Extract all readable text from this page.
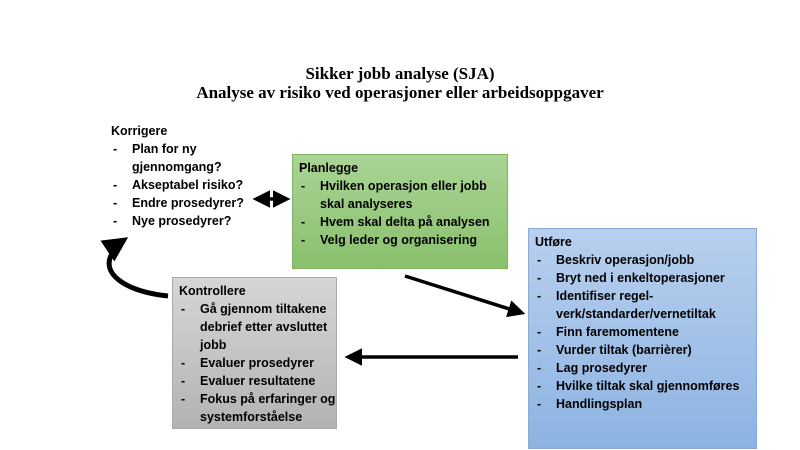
Sikker jobb analyse (SJA)
Analyse av risiko ved operasjoner eller arbeidsoppgaver
Korrigere
- Plan for ny gjennomgang?
- Akseptabel risiko?
- Endre prosedyrer?
- Nye prosedyrer?
Planlegge
- Hvilken operasjon eller jobb skal analyseres
- Hvem skal delta på analysen
- Velg leder og organisering	Utføre
- Beskriv operasjon/jobb
- Bryt ned i enkeltoperasjoner
- Identifiser regel-verk/standarder/vernetiltak
- Finn faremomentene
- Vurder tiltak (barrièrer)
- Lag prosedyrer
- Hvilke tiltak skal gjennomføres
- Handlingsplan
Kontrollere
- Gå gjennom tiltakene debrief etter avsluttet jobb
- Evaluer prosedyrer
- Evaluer resultatene
- Fokus på erfaringer og systemforståelse
